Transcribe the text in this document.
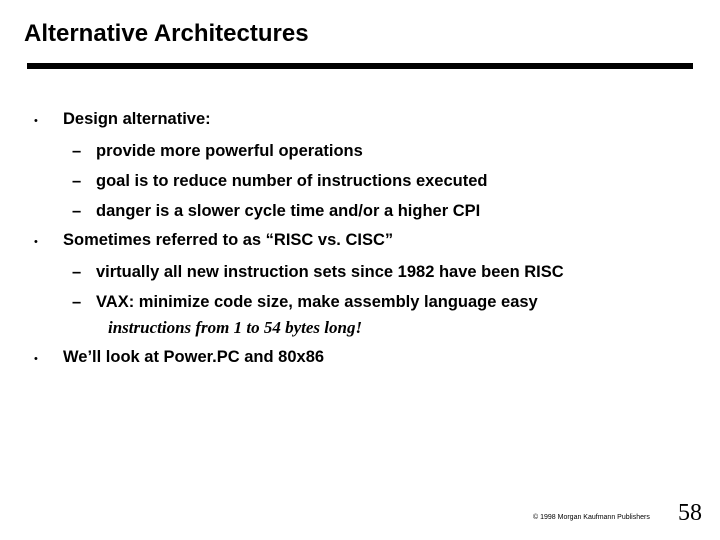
Alternative Architectures
• Design alternative:
– provide more powerful operations
– goal is to reduce number of instructions executed
– danger is a slower cycle time and/or a higher CPI
• Sometimes referred to as “RISC vs. CISC”
– virtually all new instruction sets since 1982 have been RISC
– VAX: minimize code size, make assembly language easy
instructions from 1 to 54 bytes long!
• We’ll look at Power.PC and 80x86
© 1998 Morgan Kaufmann Publishers 58
